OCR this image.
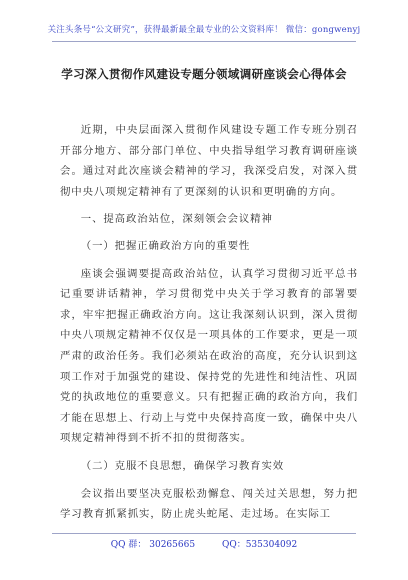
关注头条号“公文研究”，获得最新最全最专业的公文资料库！ 微信：gongwenyj
学习深入贯彻作风建设专题分领域调研座谈会心得体会

近期，中央层面深入贯彻作风建设专题工作专班分别召开部分地方、部分部门单位、中央指导组学习教育调研座谈会。通过对此次座谈会精神的学习，我深受启发，对深入贯彻中央八项规定精神有了更深刻的认识和更明确的方向。

一、提高政治站位，深刻领会会议精神

（一）把握正确政治方向的重要性

座谈会强调要提高政治站位，认真学习贯彻习近平总书记重要讲话精神，学习贯彻党中央关于学习教育的部署要求，牢牢把握正确政治方向。这让我深刻认识到，深入贯彻中央八项规定精神不仅仅是一项具体的工作要求，更是一项严肃的政治任务。我们必须站在政治的高度，充分认识到这项工作对于加强党的建设、保持党的先进性和纯洁性、巩固党的执政地位的重要意义。只有把握正确的政治方向，我们才能在思想上、行动上与党中央保持高度一致，确保中央八项规定精神得到不折不扣的贯彻落实。

（二）克服不良思想，确保学习教育实效

会议指出要坚决克服松劲懈怠、闯关过关思想，努力把学习教育抓紧抓实，防止虎头蛇尾、走过场。在实际工

QQ 群： 30265665	QQ：535304092
